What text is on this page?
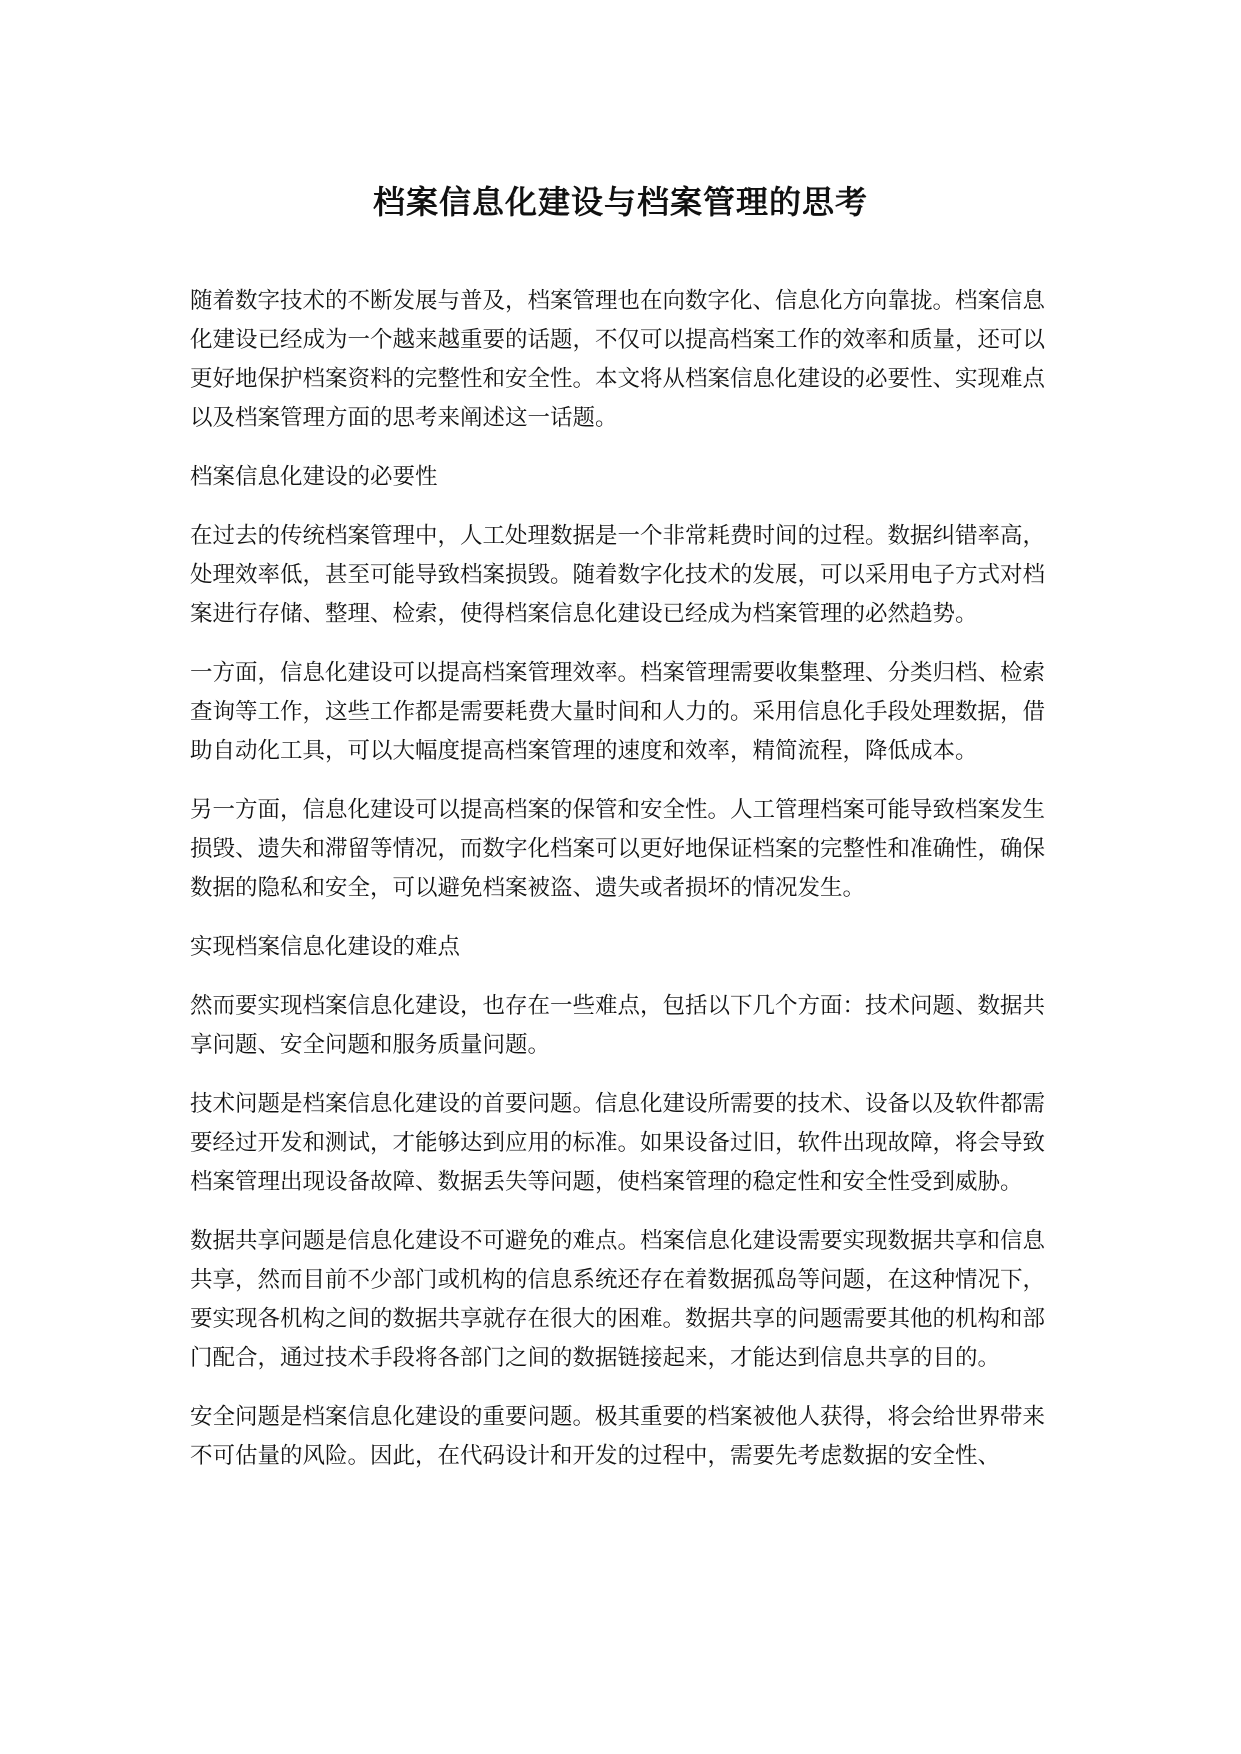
档案信息化建设与档案管理的思考

随着数字技术的不断发展与普及，档案管理也在向数字化、信息化方向靠拢。档案信息化建设已经成为一个越来越重要的话题，不仅可以提高档案工作的效率和质量，还可以更好地保护档案资料的完整性和安全性。本文将从档案信息化建设的必要性、实现难点以及档案管理方面的思考来阐述这一话题。

档案信息化建设的必要性

在过去的传统档案管理中，人工处理数据是一个非常耗费时间的过程。数据纠错率高，处理效率低，甚至可能导致档案损毁。随着数字化技术的发展，可以采用电子方式对档案进行存储、整理、检索，使得档案信息化建设已经成为档案管理的必然趋势。

一方面，信息化建设可以提高档案管理效率。档案管理需要收集整理、分类归档、检索查询等工作，这些工作都是需要耗费大量时间和人力的。采用信息化手段处理数据，借助自动化工具，可以大幅度提高档案管理的速度和效率，精简流程，降低成本。

另一方面，信息化建设可以提高档案的保管和安全性。人工管理档案可能导致档案发生损毁、遗失和滞留等情况，而数字化档案可以更好地保证档案的完整性和准确性，确保数据的隐私和安全，可以避免档案被盗、遗失或者损坏的情况发生。

实现档案信息化建设的难点

然而要实现档案信息化建设，也存在一些难点，包括以下几个方面：技术问题、数据共享问题、安全问题和服务质量问题。

技术问题是档案信息化建设的首要问题。信息化建设所需要的技术、设备以及软件都需要经过开发和测试，才能够达到应用的标准。如果设备过旧，软件出现故障，将会导致档案管理出现设备故障、数据丢失等问题，使档案管理的稳定性和安全性受到威胁。

数据共享问题是信息化建设不可避免的难点。档案信息化建设需要实现数据共享和信息共享，然而目前不少部门或机构的信息系统还存在着数据孤岛等问题，在这种情况下，要实现各机构之间的数据共享就存在很大的困难。数据共享的问题需要其他的机构和部门配合，通过技术手段将各部门之间的数据链接起来，才能达到信息共享的目的。

安全问题是档案信息化建设的重要问题。极其重要的档案被他人获得，将会给世界带来不可估量的风险。因此，在代码设计和开发的过程中，需要先考虑数据的安全性、
